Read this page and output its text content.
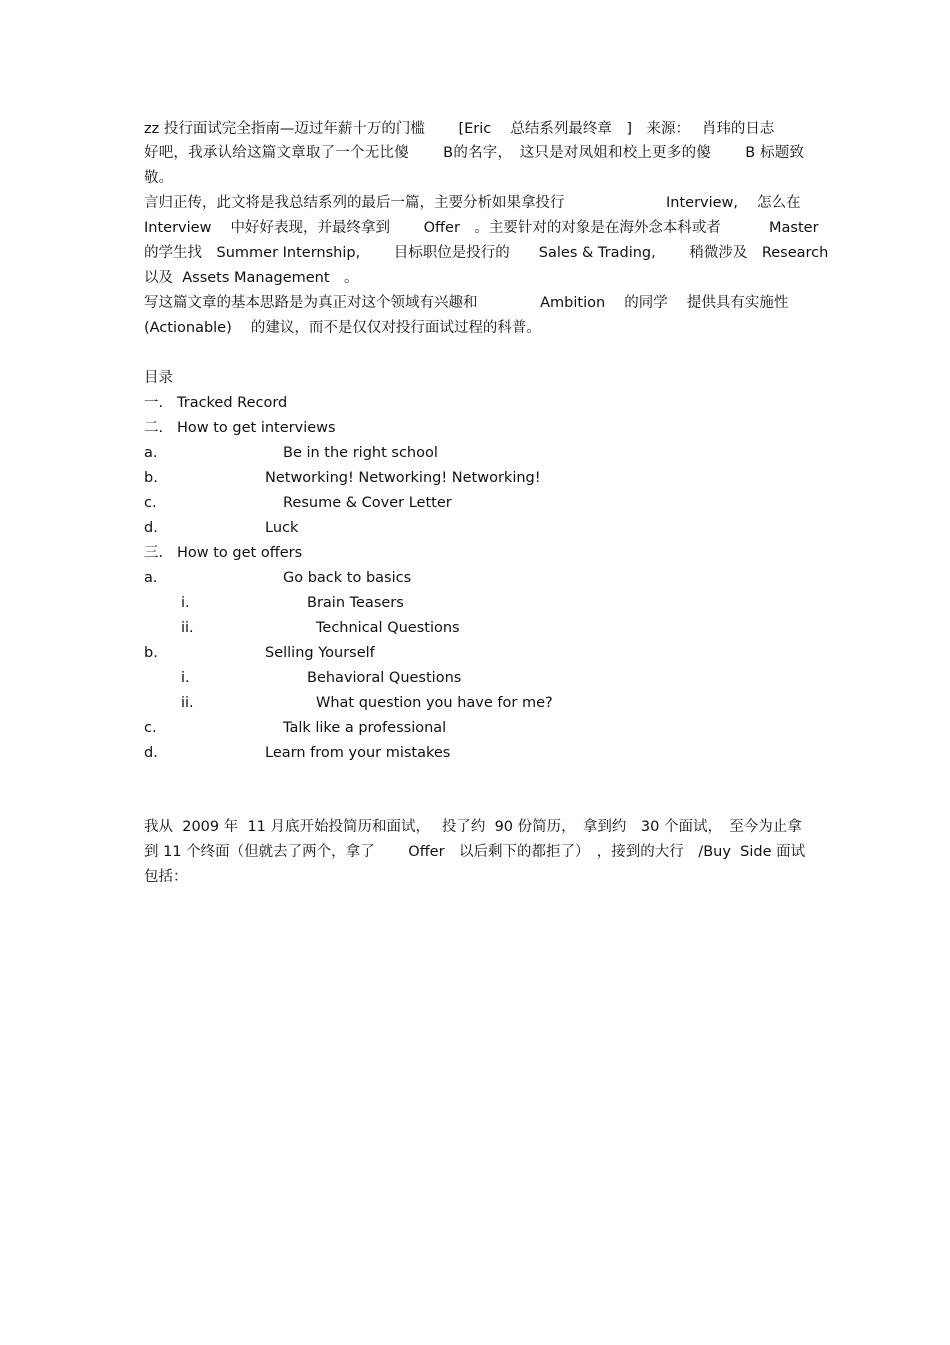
zz 投行面试完全指南—迈过年薪十万的门槛　　 [Eric　 总结系列最终章　]　来源：　 肖玮的日志
好吧，我承认给这篇文章取了一个无比傻　　 B的名字，　这只是对凤姐和校上更多的傻　　 B 标题致
敬。
言归正传，此文将是我总结系列的最后一篇，主要分析如果拿投行　　　　　　　Interview,　 怎么在
Interview　 中好好表现，并最终拿到　　 Offer　。主要针对的对象是在海外念本科或者　　　 Master
的学生找　Summer Internship,　　 目标职位是投行的　　Sales & Trading,　　 稍微涉及　Research
以及  Assets Management　。
写这篇文章的基本思路是为真正对这个领域有兴趣和　　　　 Ambition　 的同学　 提供具有实施性
(Actionable)　 的建议，而不是仅仅对投行面试过程的科普。
目录
一. Tracked Record
二. How to get interviews
a.	Be in the right school
b.	Networking! Networking! Networking!
c.	Resume & Cover Letter
d.	Luck
三. How to get offers
a.	Go back to basics
i.	Brain Teasers
ii.	Technical Questions
b.	Selling Yourself
i.	Behavioral Questions
ii.	What question you have for me?
c.	Talk like a professional
d.	Learn from your mistakes
我从  2009 年  11 月底开始投简历和面试，　 投了约  90 份简历，　拿到约　30 个面试，　至今为止拿
到 11 个终面（但就去了两个，拿了　　 Offer　以后剩下的都拒了）　，接到的大行　/Buy  Side 面试
包括：
